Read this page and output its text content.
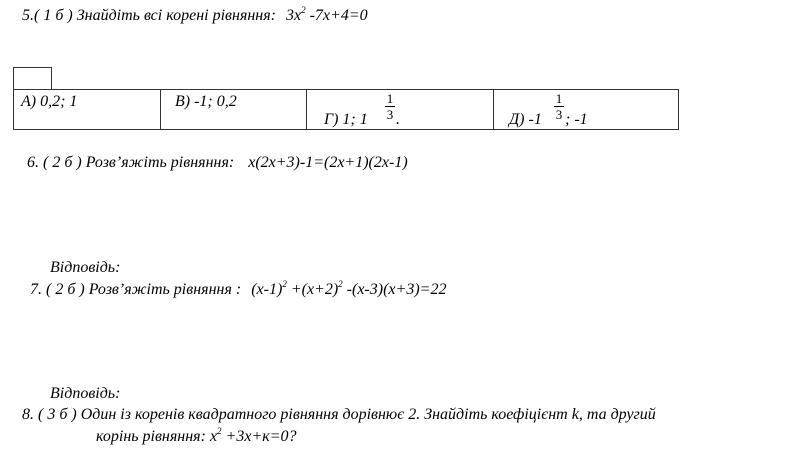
5.( 1 б ) Знайдіть всі корені рівняння: $3x^2$ -7x+4=0
A) 0,2; 1	B) -1; 0,2
Г) 1; $1 \frac{1}{3}$ .	Д) $-1 \frac{1}{3}$ ; -1
6. ( 2 б ) Розв’яжіть рівняння: x(2x+3)-1=(2x+1)(2x-1)
Відповідь:
7. ( 2 б ) Розв’яжіть рівняння : $(x-1)^2 +(x+2)^2$ -(x-3)(x+3)=22
Відповідь:
8. ( 3 б ) Один із коренів квадратного рівняння дорівнює 2. Знайдіть коефіцієнт k, та другий
корінь рівняння: $x^2 +3x+к=0$?
